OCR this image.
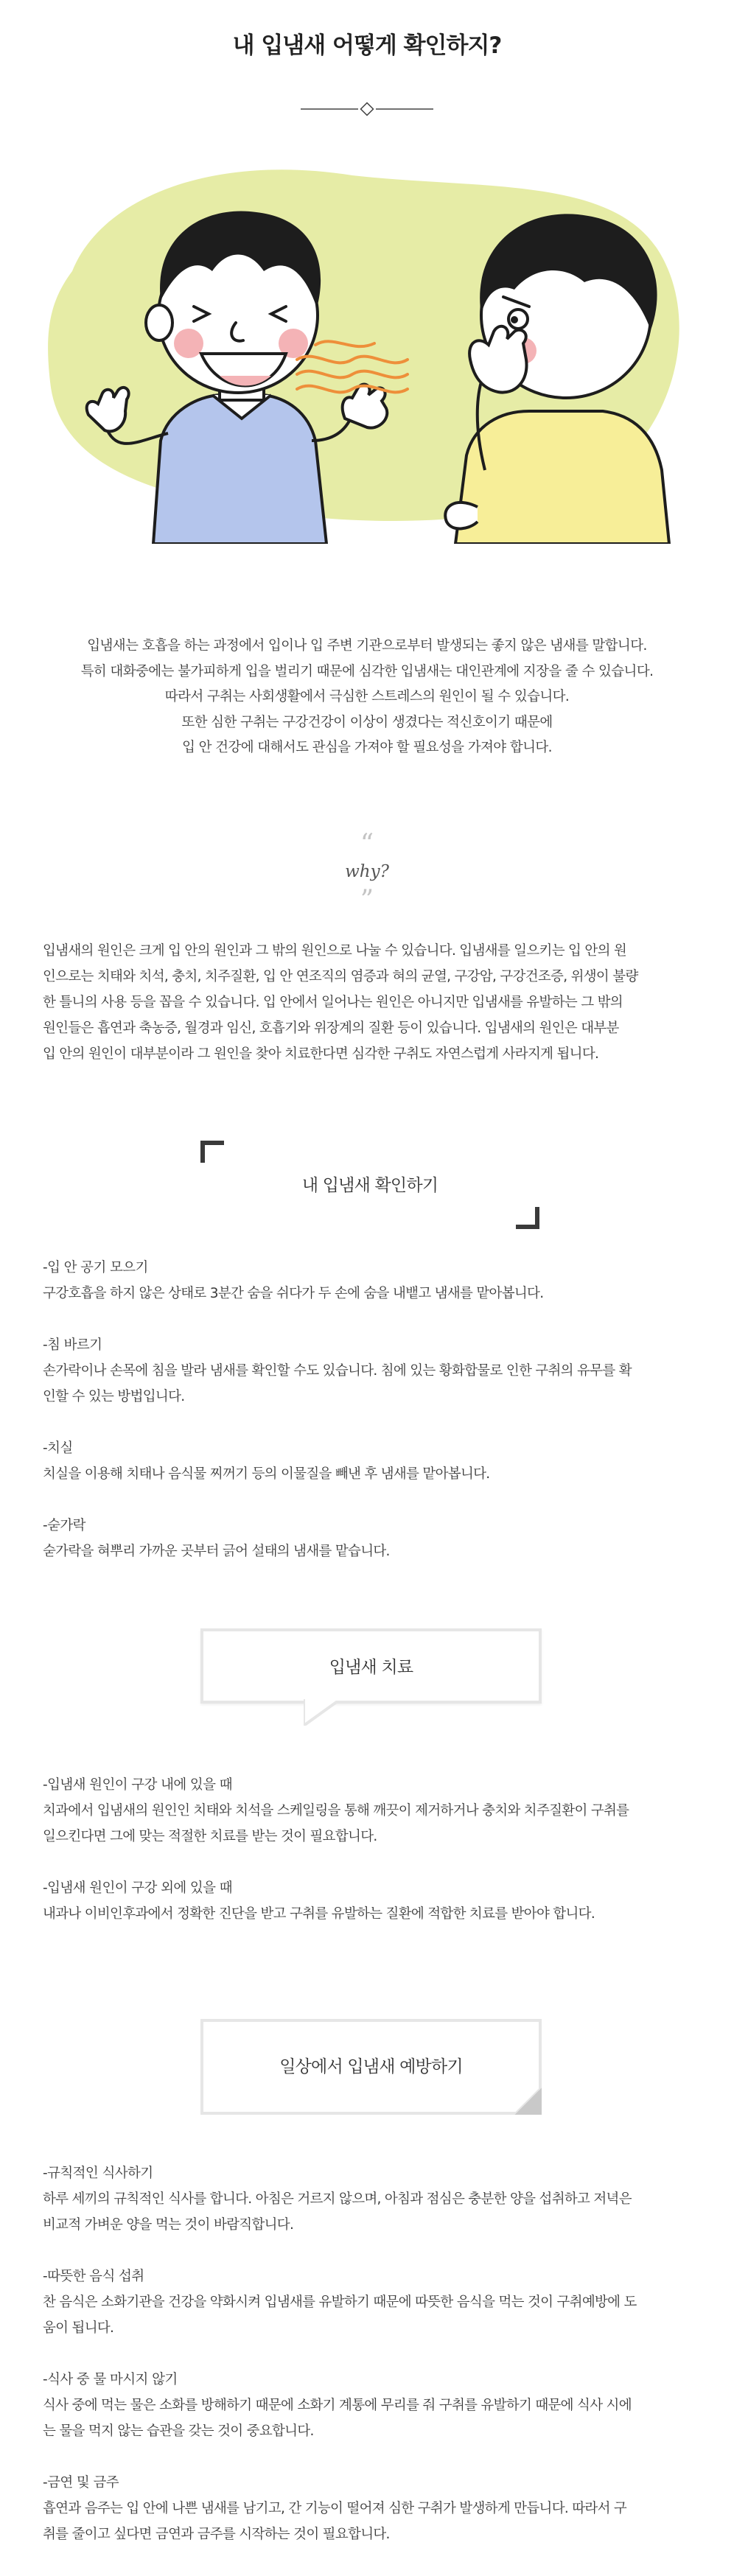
내 입냄새 어떻게 확인하지?

입냄새는 호흡을 하는 과정에서 입이나 입 주변 기관으로부터 발생되는 좋지 않은 냄새를 말합니다.

특히 대화중에는 불가피하게 입을 벌리기 때문에 심각한 입냄새는 대인관계에 지장을 줄 수 있습니다.

따라서 구취는 사회생활에서 극심한 스트레스의 원인이 될 수 있습니다.

또한 심한 구취는 구강건강이 이상이 생겼다는 적신호이기 때문에

입 안 건강에 대해서도 관심을 가져야 할 필요성을 가져야 합니다.

“
why?
”

입냄새의 원인은 크게 입 안의 원인과 그 밖의 원인으로 나눌 수 있습니다. 입냄새를 일으키는 입 안의 원

인으로는 치태와 치석, 충치, 치주질환, 입 안 연조직의 염증과 혀의 균열, 구강암, 구강건조증, 위생이 불량

한 틀니의 사용 등을 꼽을 수 있습니다. 입 안에서 일어나는 원인은 아니지만 입냄새를 유발하는 그 밖의

원인들은 흡연과 축농증, 월경과 임신, 호흡기와 위장계의 질환 등이 있습니다. 입냄새의 원인은 대부분

입 안의 원인이 대부분이라 그 원인을 찾아 치료한다면 심각한 구취도 자연스럽게 사라지게 됩니다.

내 입냄새 확인하기
-입 안 공기 모으기

구강호흡을 하지 않은 상태로 3분간 숨을 쉬다가 두 손에 숨을 내뱉고 냄새를 맡아봅니다.

-침 바르기

손가락이나 손목에 침을 발라 냄새를 확인할 수도 있습니다. 침에 있는 황화합물로 인한 구취의 유무를 확

인할 수 있는 방법입니다.

-치실

치실을 이용해 치태나 음식물 찌꺼기 등의 이물질을 빼낸 후 냄새를 맡아봅니다.

-숟가락

숟가락을 혀뿌리 가까운 곳부터 긁어 설태의 냄새를 맡습니다.

입냄새 치료
-입냄새 원인이 구강 내에 있을 때

치과에서 입냄새의 원인인 치태와 치석을 스케일링을 통해 깨끗이 제거하거나 충치와 치주질환이 구취를

일으킨다면 그에 맞는 적절한 치료를 받는 것이 필요합니다.

-입냄새 원인이 구강 외에 있을 때

내과나 이비인후과에서 정확한 진단을 받고 구취를 유발하는 질환에 적합한 치료를 받아야 합니다.

일상에서 입냄새 예방하기
-규칙적인 식사하기

하루 세끼의 규칙적인 식사를 합니다. 아침은 거르지 않으며, 아침과 점심은 충분한 양을 섭취하고 저녁은

비교적 가벼운 양을 먹는 것이 바람직합니다.

-따뜻한 음식 섭취

찬 음식은 소화기관을 건강을 약화시켜 입냄새를 유발하기 때문에 따뜻한 음식을 먹는 것이 구취예방에 도

움이 됩니다.

-식사 중 물 마시지 않기

식사 중에 먹는 물은 소화를 방해하기 때문에 소화기 계통에 무리를 줘 구취를 유발하기 때문에 식사 시에

는 물을 먹지 않는 습관을 갖는 것이 중요합니다.

-금연 및 금주

흡연과 음주는 입 안에 나쁜 냄새를 남기고, 간 기능이 떨어져 심한 구취가 발생하게 만듭니다. 따라서 구

취를 줄이고 싶다면 금연과 금주를 시작하는 것이 필요합니다.
